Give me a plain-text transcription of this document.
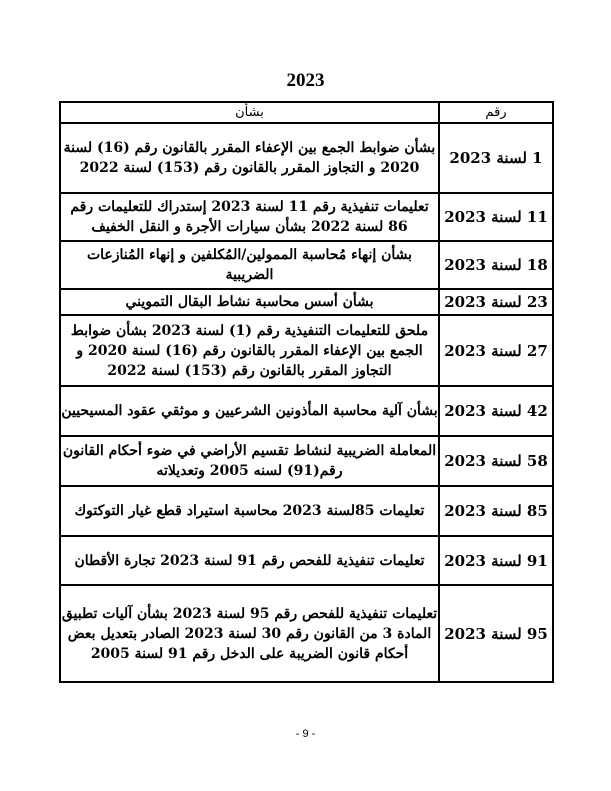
2023
رقم	بشأن
1 لسنة 2023	بشأن ضوابط الجمع بين الإعفاء المقرر بالقانون رقم (16) لسنة 2020 و التجاوز المقرر بالقانون رقم (153) لسنة 2022
11 لسنة 2023	تعليمات تنفيذية رقم 11 لسنة 2023 إستدراك للتعليمات رقم 86 لسنة 2022 بشأن سيارات الأجرة و النقل الخفيف
18 لسنة 2023	بشأن إنهاء مُحاسبة الممولين/المُكلفين و إنهاء المُنازعات الضريبية
23 لسنة 2023	بشأن أسس محاسبة نشاط البقال التمويني
27 لسنة 2023	ملحق للتعليمات التنفيذية رقم (1) لسنة 2023 بشأن ضوابط الجمع بين الإعفاء المقرر بالقانون رقم (16) لسنة 2020 و التجاوز المقرر بالقانون رقم (153) لسنة 2022
42 لسنة 2023	بشأن آلية محاسبة المأذونين الشرعيين و موثقي عقود المسيحيين
58 لسنة 2023	المعاملة الضريبية لنشاط تقسيم الأراضي في ضوء أحكام القانون رقم(91) لسنه 2005 وتعديلاته
85 لسنة 2023	تعليمات 85لسنة 2023 محاسبة استيراد قطع غيار التوكتوك
91 لسنة 2023	تعليمات تنفيذية للفحص رقم 91 لسنة 2023 تجارة الأقطان
95 لسنة 2023	تعليمات تنفيذية للفحص رقم 95 لسنة 2023 بشأن آليات تطبيق المادة 3 من القانون رقم 30 لسنة 2023 الصادر بتعديل بعض أحكام قانون الضريبة على الدخل رقم 91 لسنة 2005
- 9 -
